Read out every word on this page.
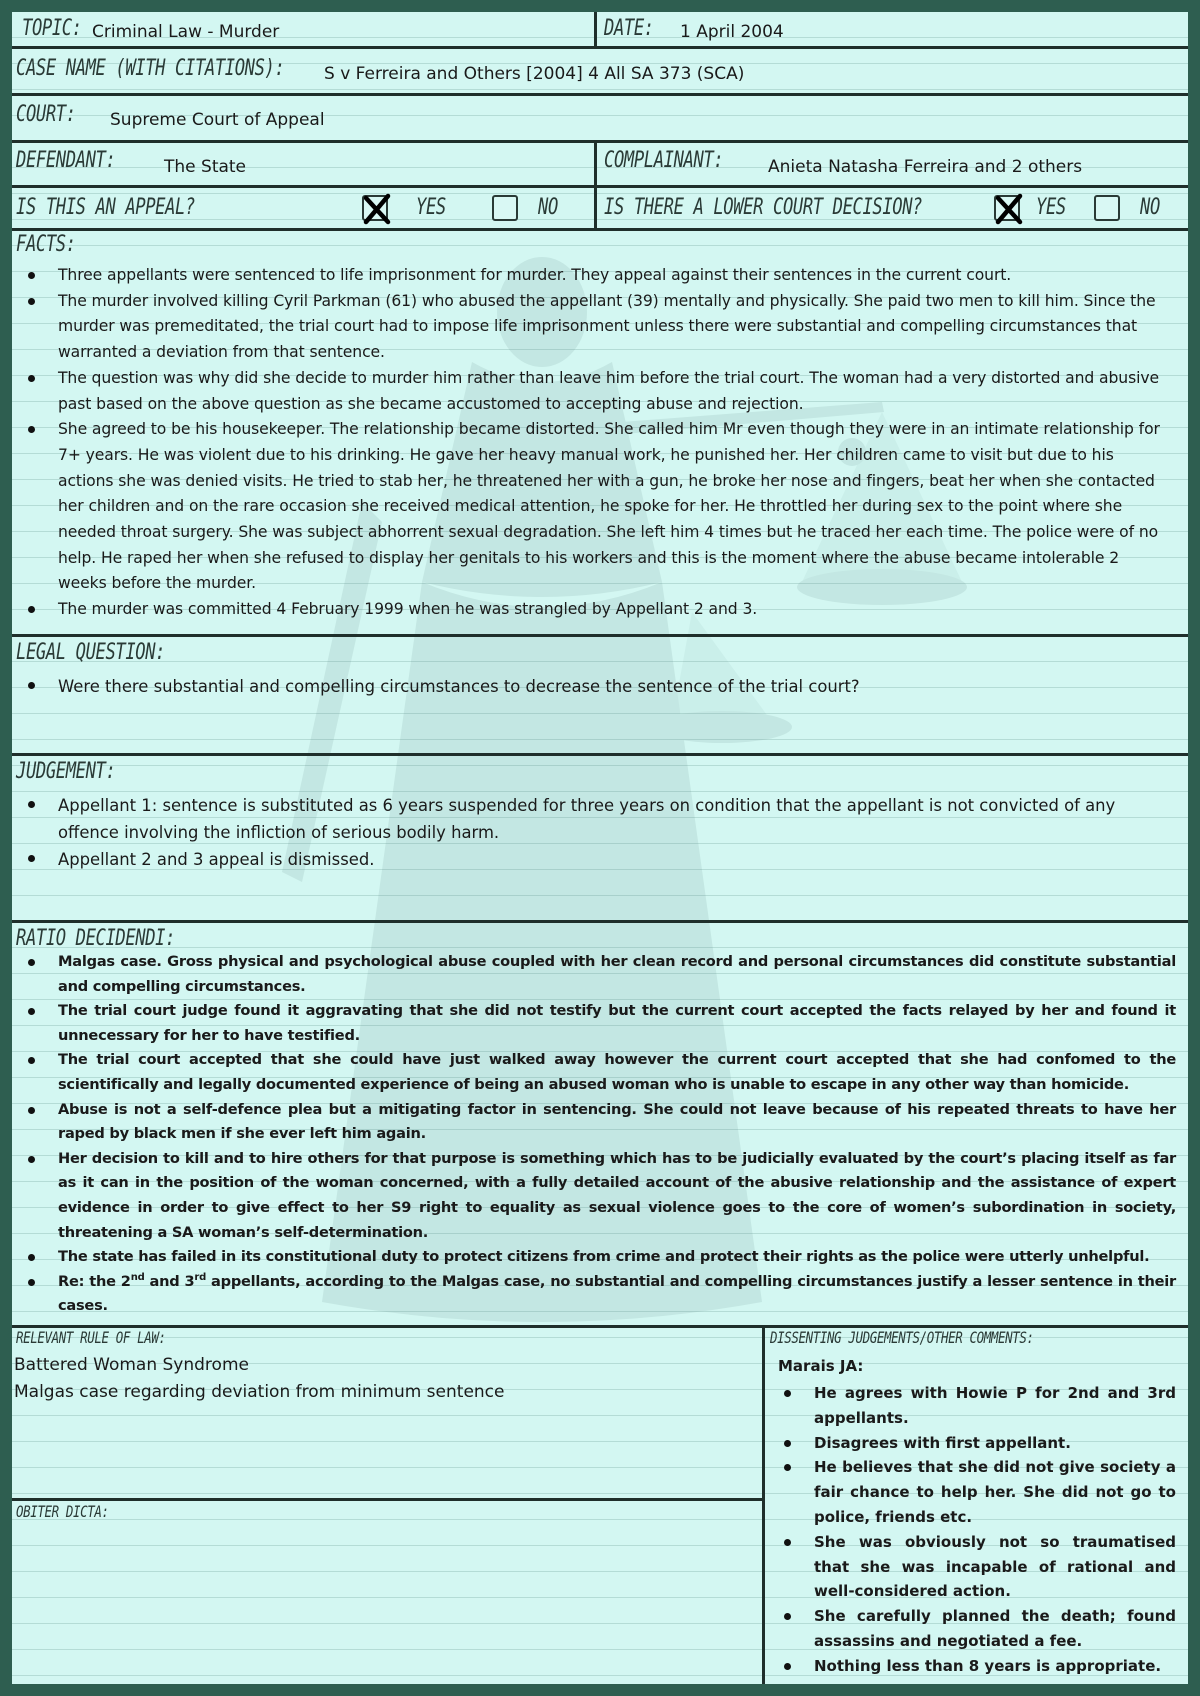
TOPIC: Criminal Law - Murder	DATE: 1 April 2004
CASE NAME (WITH CITATIONS): S v Ferreira and Others [2004] 4 All SA 373 (SCA)
COURT: Supreme Court of Appeal
DEFENDANT:	The State	COMPLAINANT:	Anieta Natasha Ferreira and 2 others
IS THIS AN APPEAL?	YES	NO IS THERE A LOWER COURT DECISION?	YES	NO
FACTS:
Three appellants were sentenced to life imprisonment for murder. They appeal against their sentences in the current court.
The murder involved killing Cyril Parkman (61) who abused the appellant (39) mentally and physically. She paid two men to kill him. Since the murder was premeditated, the trial court had to impose life imprisonment unless there were substantial and compelling circumstances that warranted a deviation from that sentence.
The question was why did she decide to murder him rather than leave him before the trial court. The woman had a very distorted and abusive past based on the above question as she became accustomed to accepting abuse and rejection.
She agreed to be his housekeeper. The relationship became distorted. She called him Mr even though they were in an intimate relationship for 7+ years. He was violent due to his drinking. He gave her heavy manual work, he punished her. Her children came to visit but due to his actions she was denied visits. He tried to stab her, he threatened her with a gun, he broke her nose and fingers, beat her when she contacted her children and on the rare occasion she received medical attention, he spoke for her. He throttled her during sex to the point where she needed throat surgery. She was subject abhorrent sexual degradation. She left him 4 times but he traced her each time. The police were of no help. He raped her when she refused to display her genitals to his workers and this is the moment where the abuse became intolerable 2 weeks before the murder.
The murder was committed 4 February 1999 when he was strangled by Appellant 2 and 3.
LEGAL QUESTION:
Were there substantial and compelling circumstances to decrease the sentence of the trial court?
JUDGEMENT:
Appellant 1: sentence is substituted as 6 years suspended for three years on condition that the appellant is not convicted of any offence involving the infliction of serious bodily harm.
Appellant 2 and 3 appeal is dismissed.
RATIO DECIDENDI:
Malgas case. Gross physical and psychological abuse coupled with her clean record and personal circumstances did constitute substantial and compelling circumstances.
The trial court judge found it aggravating that she did not testify but the current court accepted the facts relayed by her and found it unnecessary for her to have testified.
The trial court accepted that she could have just walked away however the current court accepted that she had confomed to the scientifically and legally documented experience of being an abused woman who is unable to escape in any other way than homicide.
Abuse is not a self-defence plea but a mitigating factor in sentencing. She could not leave because of his repeated threats to have her raped by black men if she ever left him again.
Her decision to kill and to hire others for that purpose is something which has to be judicially evaluated by the court’s placing itself as far as it can in the position of the woman concerned, with a fully detailed account of the abusive relationship and the assistance of expert evidence in order to give effect to her S9 right to equality as sexual violence goes to the core of women’s subordination in society, threatening a SA woman’s self-determination.
The state has failed in its constitutional duty to protect citizens from crime and protect their rights as the police were utterly unhelpful.
Re: the 2nd and 3rd appellants, according to the Malgas case, no substantial and compelling circumstances justify a lesser sentence in their cases.
RELEVANT RULE OF LAW:
Battered Woman Syndrome
Malgas case regarding deviation from minimum sentence
OBITER DICTA:
DISSENTING JUDGEMENTS/OTHER COMMENTS:
Marais JA:
He agrees with Howie P for 2nd and 3rd appellants.
Disagrees with first appellant.
He believes that she did not give society a fair chance to help her. She did not go to police, friends etc.
She was obviously not so traumatised that she was incapable of rational and well-considered action.
She carefully planned the death; found assassins and negotiated a fee.
Nothing less than 8 years is appropriate.
